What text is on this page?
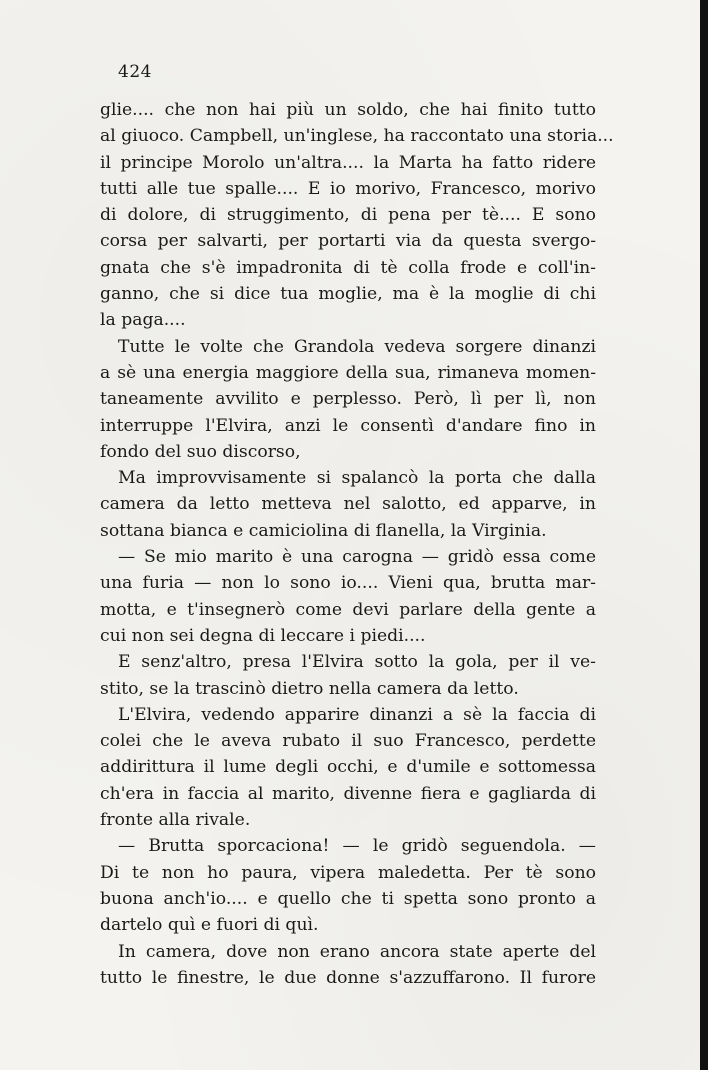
424
glie.... che non hai più un soldo, che hai finito tutto
al giuoco. Campbell, un'inglese, ha raccontato una storia...
il principe Morolo un'altra.... la Marta ha fatto ridere
tutti alle tue spalle.... E io morivo, Francesco, morivo
di dolore, di struggimento, di pena per tè.... E sono
corsa per salvarti, per portarti via da questa svergo-
gnata che s'è impadronita di tè colla frode e coll'in-
ganno, che si dice tua moglie, ma è la moglie di chi
la paga....
Tutte le volte che Grandola vedeva sorgere dinanzi
a sè una energia maggiore della sua, rimaneva momen-
taneamente avvilito e perplesso. Però, lì per lì, non
interruppe l'Elvira, anzi le consentì d'andare fino in
fondo del suo discorso,
Ma improvvisamente si spalancò la porta che dalla
camera da letto metteva nel salotto, ed apparve, in
sottana bianca e camiciolina di flanella, la Virginia.
— Se mio marito è una carogna — gridò essa come
una furia — non lo sono io.... Vieni qua, brutta mar-
motta, e t'insegnerò come devi parlare della gente a
cui non sei degna di leccare i piedi....
E senz'altro, presa l'Elvira sotto la gola, per il ve-
stito, se la trascinò dietro nella camera da letto.
L'Elvira, vedendo apparire dinanzi a sè la faccia di
colei che le aveva rubato il suo Francesco, perdette
addirittura il lume degli occhi, e d'umile e sottomessa
ch'era in faccia al marito, divenne fiera e gagliarda di
fronte alla rivale.
— Brutta sporcaciona! — le gridò seguendola. —
Di te non ho paura, vipera maledetta. Per tè sono
buona anch'io.... e quello che ti spetta sono pronto a
dartelo quì e fuori di quì.
In camera, dove non erano ancora state aperte del
tutto le finestre, le due donne s'azzuffarono. Il furore
